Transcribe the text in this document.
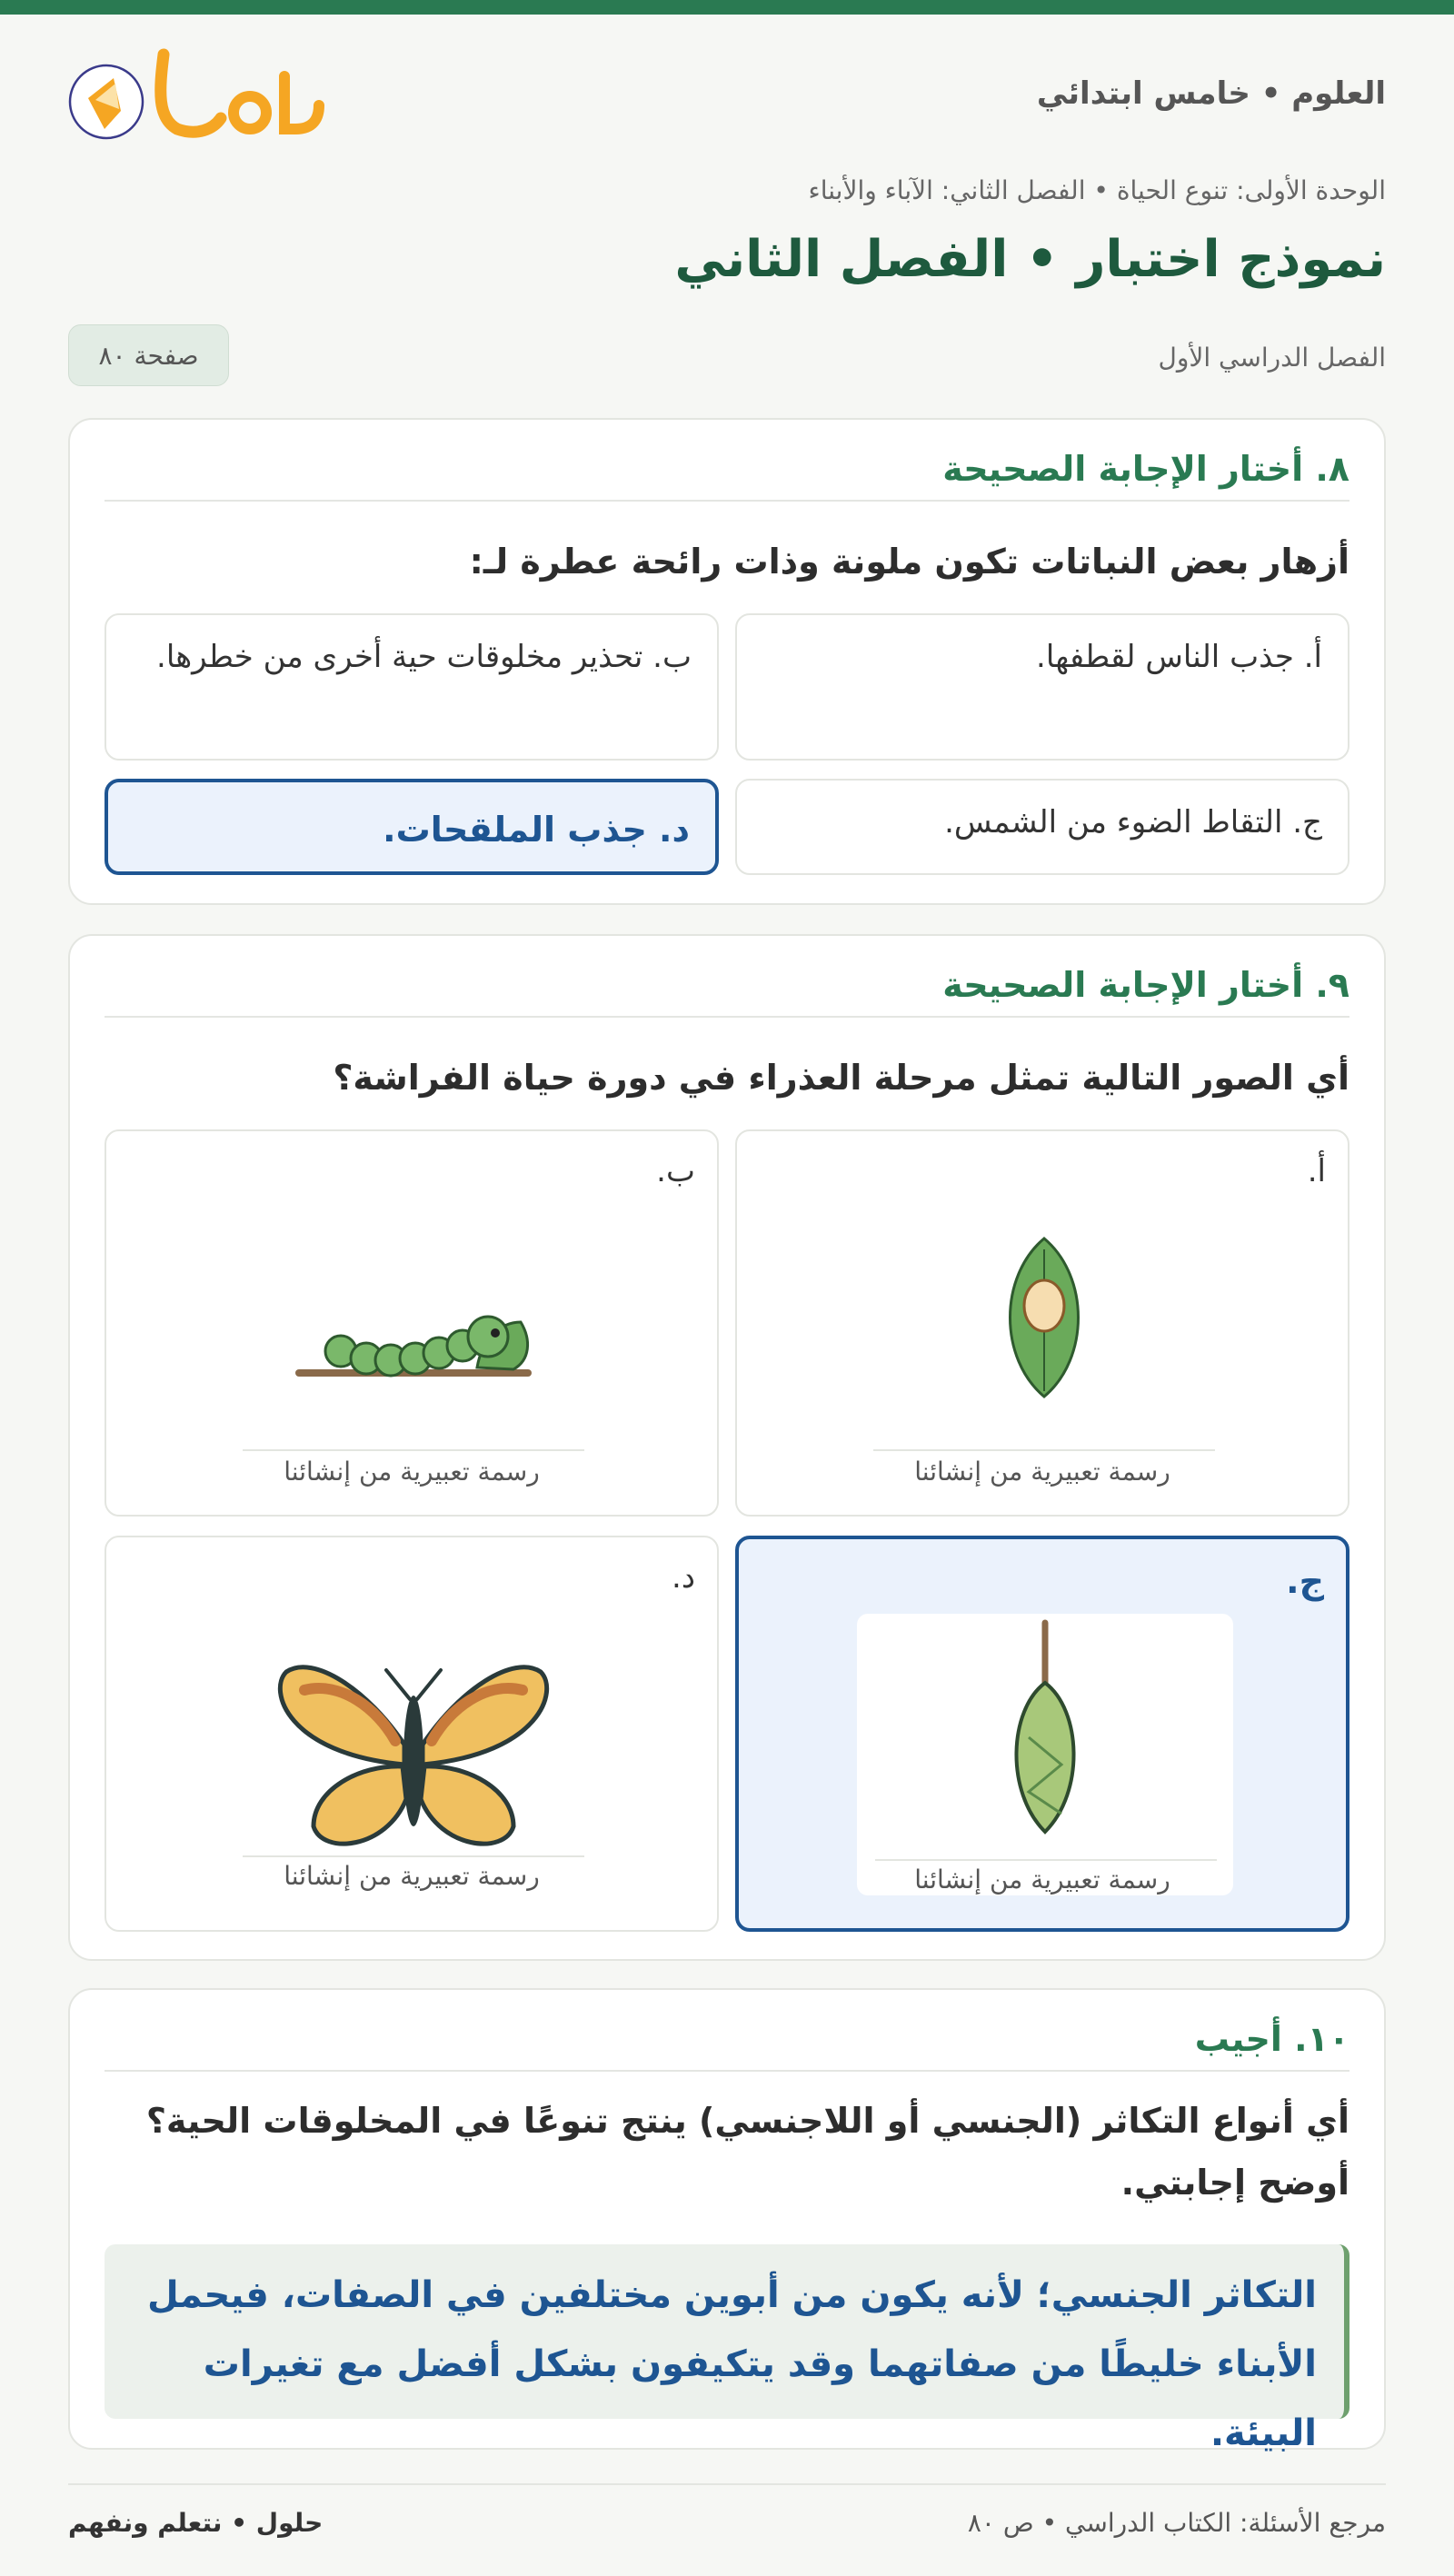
العلوم • خامس ابتدائي
الوحدة الأولى: تنوع الحياة • الفصل الثاني: الآباء والأبناء
نموذج اختبار • الفصل الثاني
الفصل الدراسي الأول
صفحة ٨٠
٨. أختار الإجابة الصحيحة
أزهار بعض النباتات تكون ملونة وذات رائحة عطرة لـ:
أ. جذب الناس لقطفها.
ب. تحذير مخلوقات حية أخرى من خطرها.
ج. التقاط الضوء من الشمس.
د. جذب الملقحات.
٩. أختار الإجابة الصحيحة
أي الصور التالية تمثل مرحلة العذراء في دورة حياة الفراشة؟
أ.
رسمة تعبيرية من إنشائنا
ب.
رسمة تعبيرية من إنشائنا
ج.
رسمة تعبيرية من إنشائنا
د.
رسمة تعبيرية من إنشائنا
١٠. أجيب
أي أنواع التكاثر (الجنسي أو اللاجنسي) ينتج تنوعًا في المخلوقات الحية؟ أوضح إجابتي.
التكاثر الجنسي؛ لأنه يكون من أبوين مختلفين في الصفات، فيحمل الأبناء خليطًا من صفاتهما وقد يتكيفون بشكل أفضل مع تغيرات البيئة.
مرجع الأسئلة: الكتاب الدراسي • ص ٨٠
حلول • نتعلم ونفهم
